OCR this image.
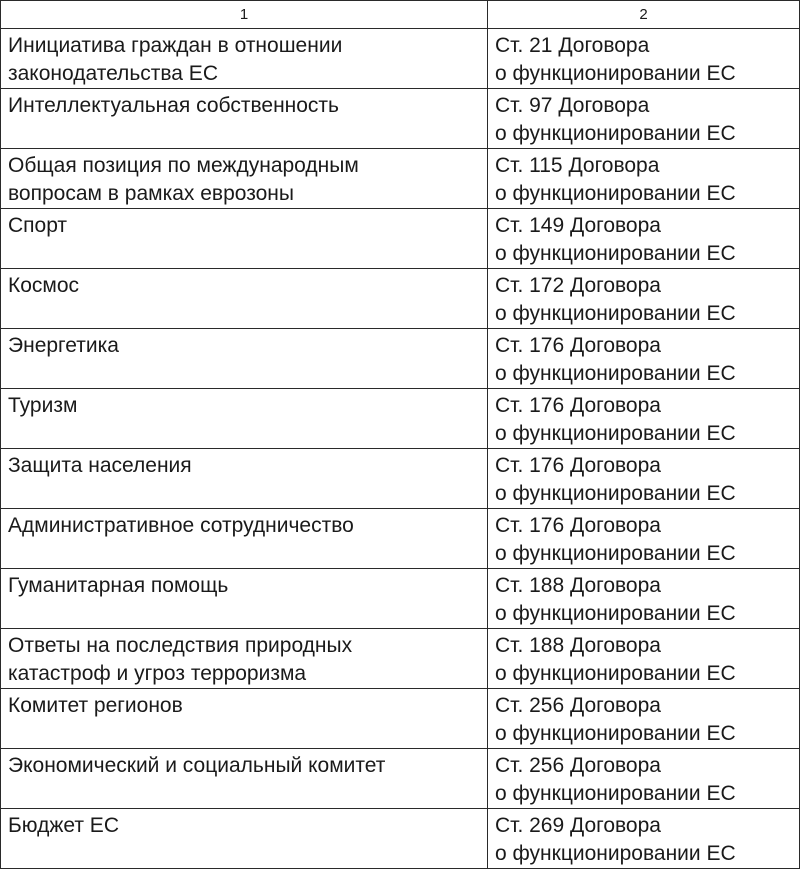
1	2

Инициатива граждан в отношении
законодательства ЕС	Ст. 21 Договора
о функционировании ЕС

Интеллектуальная собственность	Ст. 97 Договора
о функционировании ЕС

Общая позиция по международным
вопросам в рамках еврозоны	Ст. 115 Договора
о функционировании ЕС

Спорт	Ст. 149 Договора
о функционировании ЕС

Космос	Ст. 172 Договора
о функционировании ЕС

Энергетика	Ст. 176 Договора
о функционировании ЕС

Туризм	Ст. 176 Договора
о функционировании ЕС

Защита населения	Ст. 176 Договора
о функционировании ЕС

Административное сотрудничество	Ст. 176 Договора
о функционировании ЕС

Гуманитарная помощь	Ст. 188 Договора
о функционировании ЕС

Ответы на последствия природных
катастроф и угроз терроризма	Ст. 188 Договора
о функционировании ЕС

Комитет регионов	Ст. 256 Договора
о функционировании ЕС

Экономический и социальный комитет	Ст. 256 Договора
о функционировании ЕС

Бюджет ЕС	Ст. 269 Договора
о функционировании ЕС
